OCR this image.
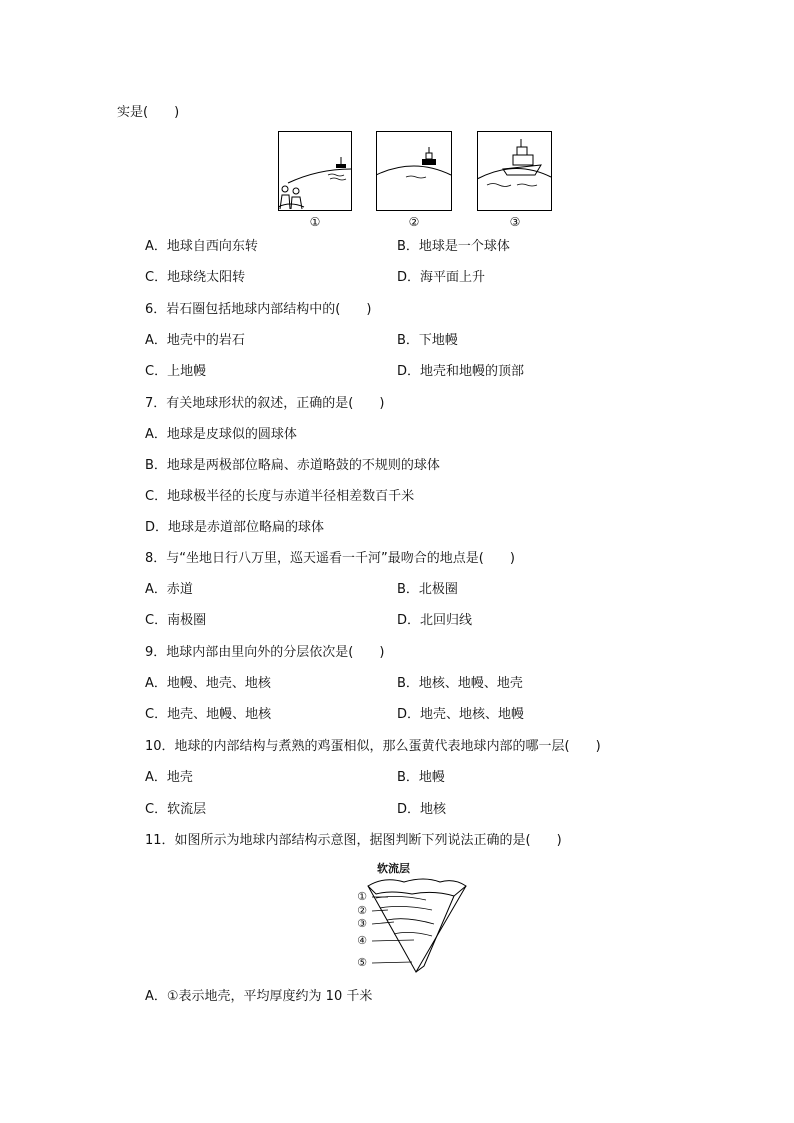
实是(　　)
①	②	③
A．地球自西向东转	B．地球是一个球体
C．地球绕太阳转	D．海平面上升
6．岩石圈包括地球内部结构中的(　　)
A．地壳中的岩石	B．下地幔
C．上地幔	D．地壳和地幔的顶部
7．有关地球形状的叙述，正确的是(　　)
A．地球是皮球似的圆球体
B．地球是两极部位略扁、赤道略鼓的不规则的球体
C．地球极半径的长度与赤道半径相差数百千米
D．地球是赤道部位略扁的球体
8．与“坐地日行八万里，巡天遥看一千河”最吻合的地点是(　　)
A．赤道	B．北极圈
C．南极圈	D．北回归线
9．地球内部由里向外的分层依次是(　　)
A．地幔、地壳、地核	B．地核、地幔、地壳
C．地壳、地幔、地核	D．地壳、地核、地幔
10．地球的内部结构与煮熟的鸡蛋相似，那么蛋黄代表地球内部的哪一层(　　)
A．地壳	B．地幔
C．软流层	D．地核
11．如图所示为地球内部结构示意图，据图判断下列说法正确的是(　　)
软流层
①
②
③
④
⑤
A．①表示地壳，平均厚度约为 10 千米
